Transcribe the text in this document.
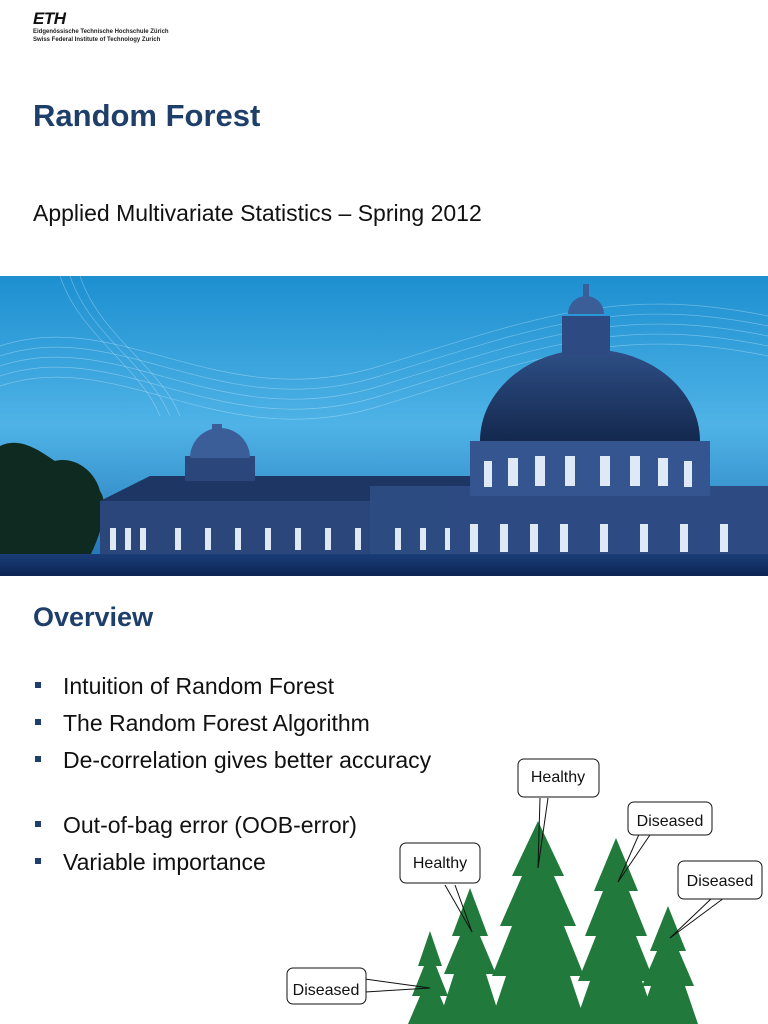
ETH
Eidgenössische Technische Hochschule Zürich
Swiss Federal Institute of Technology Zurich
Random Forest
Applied Multivariate Statistics – Spring 2012
Overview
Intuition of Random Forest
The Random Forest Algorithm
De-correlation gives better accuracy
Out-of-bag error (OOB-error)
Variable importance
Healthy
Diseased
Healthy
Diseased
Diseased
